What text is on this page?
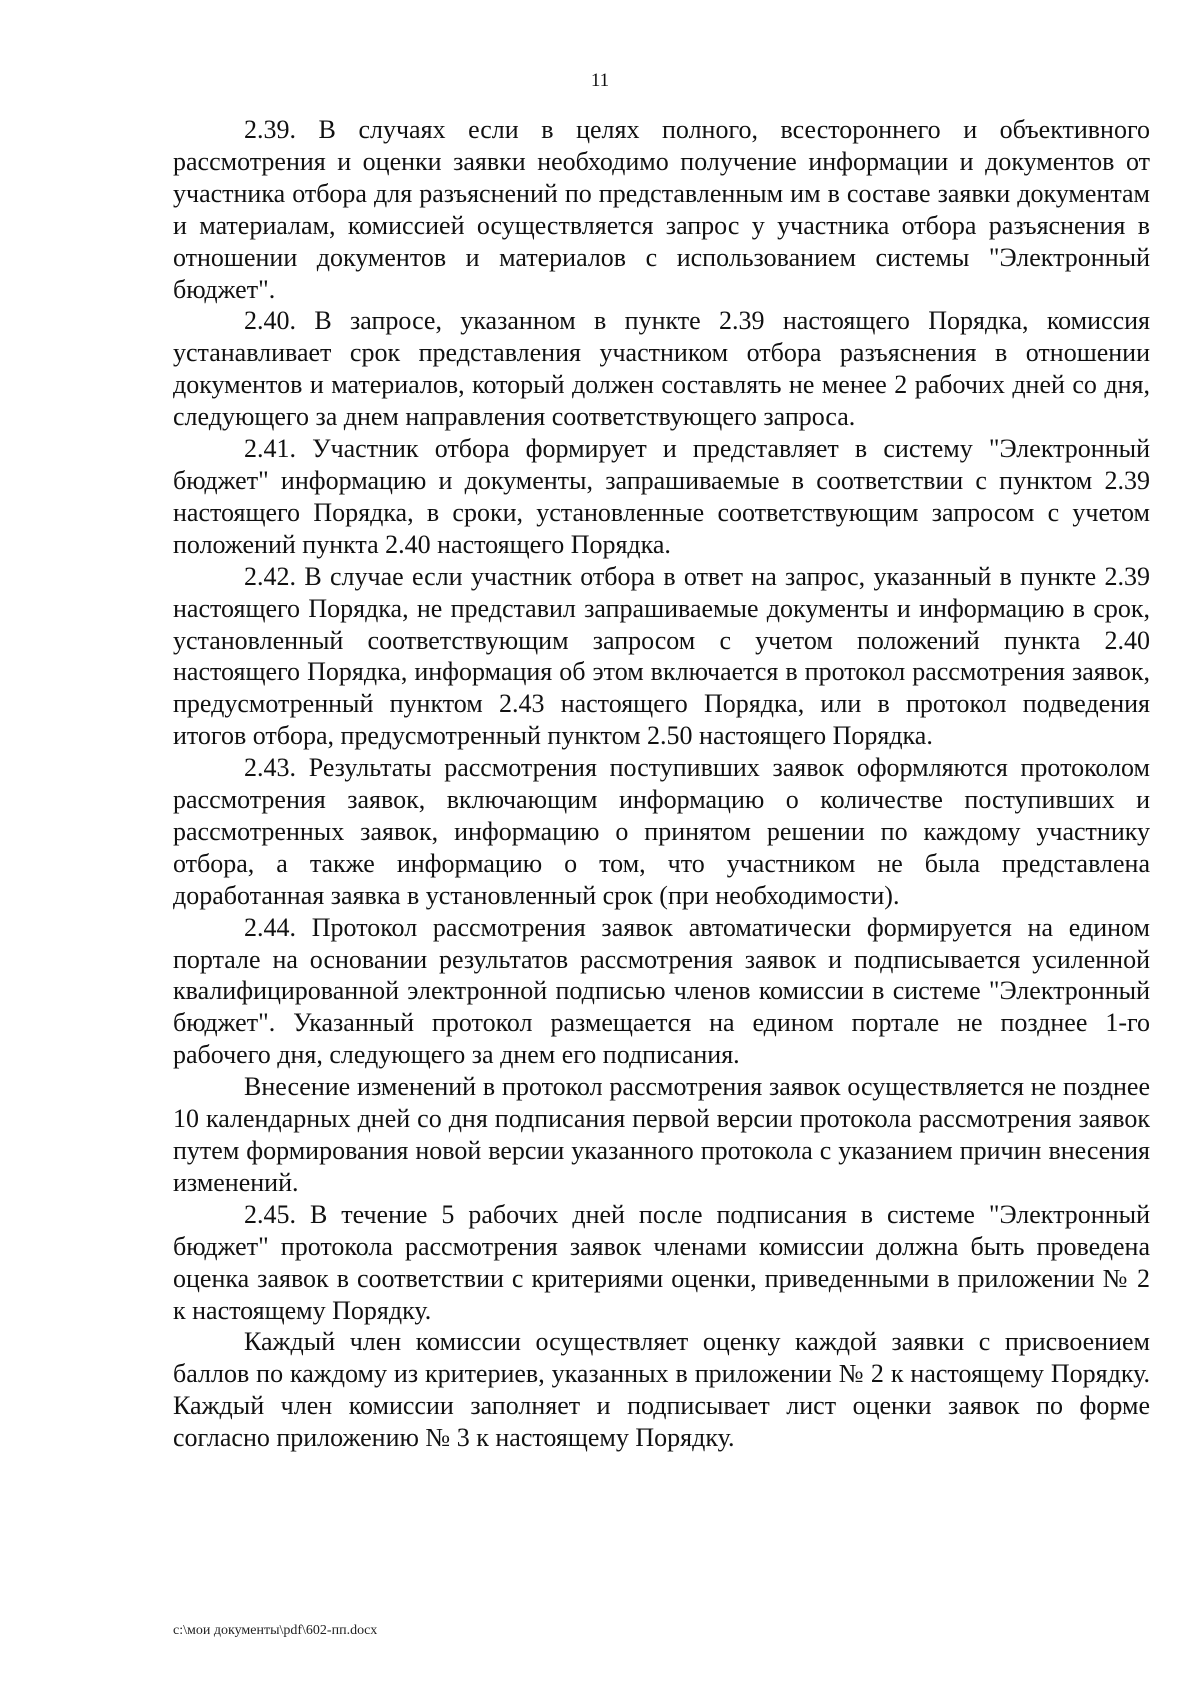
11

2.39. В случаях если в целях полного, всестороннего и объективного рассмотрения и оценки заявки необходимо получение информации и документов от участника отбора для разъяснений по представленным им в составе заявки документам и материалам, комиссией осуществляется запрос у участника отбора разъяснения в отношении документов и материалов с использованием системы "Электронный бюджет".

2.40. В запросе, указанном в пункте 2.39 настоящего Порядка, комиссия устанавливает срок представления участником отбора разъяснения в отношении документов и материалов, который должен составлять не менее 2 рабочих дней со дня, следующего за днем направления соответствующего запроса.

2.41. Участник отбора формирует и представляет в систему "Электронный бюджет" информацию и документы, запрашиваемые в соответствии с пунктом 2.39 настоящего Порядка, в сроки, установленные соответствующим запросом с учетом положений пункта 2.40 настоящего Порядка.

2.42. В случае если участник отбора в ответ на запрос, указанный в пункте 2.39 настоящего Порядка, не представил запрашиваемые документы и информацию в срок, установленный соответствующим запросом с учетом положений пункта 2.40 настоящего Порядка, информация об этом включается в протокол рассмотрения заявок, предусмотренный пунктом 2.43 настоящего Порядка, или в протокол подведения итогов отбора, предусмотренный пунктом 2.50 настоящего Порядка.

2.43. Результаты рассмотрения поступивших заявок оформляются протоколом рассмотрения заявок, включающим информацию о количестве поступивших и рассмотренных заявок, информацию о принятом решении по каждому участнику отбора, а также информацию о том, что участником не была представлена доработанная заявка в установленный срок (при необходимости).

2.44. Протокол рассмотрения заявок автоматически формируется на едином портале на основании результатов рассмотрения заявок и подписывается усиленной квалифицированной электронной подписью членов комиссии в системе "Электронный бюджет". Указанный протокол размещается на едином портале не позднее 1-го рабочего дня, следующего за днем его подписания.

Внесение изменений в протокол рассмотрения заявок осуществляется не позднее 10 календарных дней со дня подписания первой версии протокола рассмотрения заявок путем формирования новой версии указанного протокола с указанием причин внесения изменений.

2.45. В течение 5 рабочих дней после подписания в системе "Электронный бюджет" протокола рассмотрения заявок членами комиссии должна быть проведена оценка заявок в соответствии с критериями оценки, приведенными в приложении № 2 к настоящему Порядку.

Каждый член комиссии осуществляет оценку каждой заявки с присвоением баллов по каждому из критериев, указанных в приложении № 2 к настоящему Порядку. Каждый член комиссии заполняет и подписывает лист оценки заявок по форме согласно приложению № 3 к настоящему Порядку.

c:\мои документы\pdf\602-пп.docx
